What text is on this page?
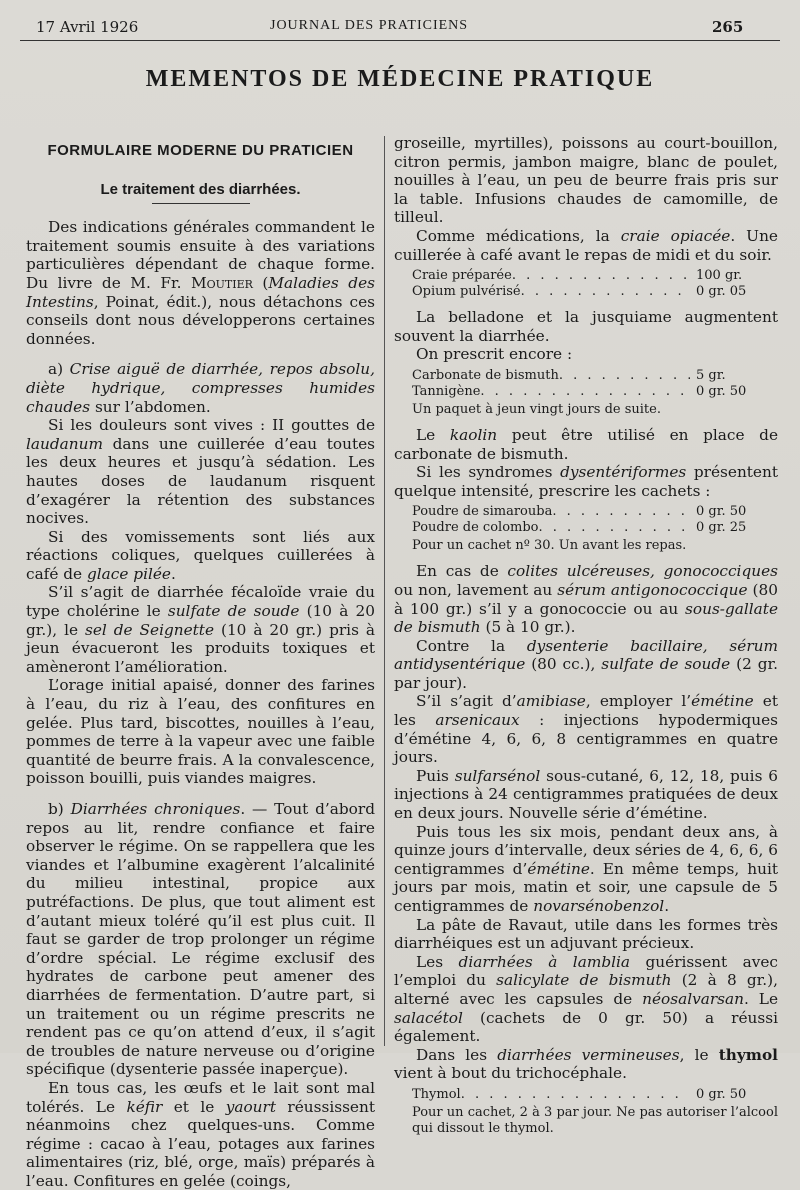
17 Avril 1926	JOURNAL DES PRATICIENS	265
MEMENTOS DE MÉDECINE PRATIQUE
FORMULAIRE MODERNE DU PRATICIEN
Le traitement des diarrhées.

Des indications générales commandent le traitement soumis ensuite à des variations particulières dépendant de chaque forme. Du livre de M. Fr. Moutier (Maladies des Intestins, Poinat, édit.), nous détachons ces conseils dont nous développerons certaines données.

a) Crise aiguë de diarrhée, repos absolu, diète hydrique, compresses humides chaudes sur l’abdomen.

Si les douleurs sont vives : II gouttes de laudanum dans une cuillerée d’eau toutes les deux heures et jusqu’à sédation. Les hautes doses de laudanum risquent d’exagérer la rétention des substances nocives.

Si des vomissements sont liés aux réactions coliques, quelques cuillerées à café de glace pilée.

S’il s’agit de diarrhée fécaloïde vraie du type cholérine le sulfate de soude (10 à 20 gr.), le sel de Seignette (10 à 20 gr.) pris à jeun évacueront les produits toxiques et amèneront l’amélioration.

L’orage initial apaisé, donner des farines à l’eau, du riz à l’eau, des confitures en gelée. Plus tard, biscottes, nouilles à l’eau, pommes de terre à la vapeur avec une faible quantité de beurre frais. A la convalescence, poisson bouilli, puis viandes maigres.

b) Diarrhées chroniques. — Tout d’abord repos au lit, rendre confiance et faire observer le régime. On se rappellera que les viandes et l’albumine exagèrent l’alcalinité du milieu intestinal, propice aux putréfactions. De plus, que tout aliment est d’autant mieux toléré qu’il est plus cuit. Il faut se garder de trop prolonger un régime d’ordre spécial. Le régime exclusif des hydrates de carbone peut amener des diarrhées de fermentation. D’autre part, si un traitement ou un régime prescrits ne rendent pas ce qu’on attend d’eux, il s’agit de troubles de nature nerveuse ou d’origine spécifique (dysenterie passée inaperçue).

En tous cas, les œufs et le lait sont mal tolérés. Le kéfir et le yaourt réussissent néanmoins chez quelques-uns. Comme régime : cacao à l’eau, potages aux farines alimentaires (riz, blé, orge, maïs) préparés à l’eau. Confitures en gelée (coings,

groseille, myrtilles), poissons au court-bouillon, citron permis, jambon maigre, blanc de poulet, nouilles à l’eau, un peu de beurre frais pris sur la table. Infusions chaudes de camomille, de tilleul.

Comme médications, la craie opiacée. Une cuillerée à café avant le repas de midi et du soir.

Craie préparée . . .	100 gr.
Opium pulvérisé . . .	0 gr. 05

La belladone et la jusquiame augmentent souvent la diarrhée.

On prescrit encore :

Carbonate de bismuth . . .	5 gr.
Tannigène . . .	0 gr. 50
Un paquet à jeun vingt jours de suite.

Le kaolin peut être utilisé en place de carbonate de bismuth.

Si les syndromes dysentériformes présentent quelque intensité, prescrire les cachets :

Poudre de simarouba . . .	0 gr. 50
Poudre de colombo . . .	0 gr. 25
Pour un cachet nº 30. Un avant les repas.

En cas de colites ulcéreuses, gonococciques ou non, lavement au sérum antigonococcique (80 à 100 gr.) s’il y a gonococcie ou au sous-gallate de bismuth (5 à 10 gr.).

Contre la dysenterie bacillaire, sérum antidysentérique (80 cc.), sulfate de soude (2 gr. par jour).

S’il s’agit d’amibiase, employer l’émétine et les arsenicaux : injections hypodermiques d’émétine 4, 6, 6, 8 centigrammes en quatre jours.

Puis sulfarsénol sous-cutané, 6, 12, 18, puis 6 injections à 24 centigrammes pratiquées de deux en deux jours. Nouvelle série d’émétine.

Puis tous les six mois, pendant deux ans, à quinze jours d’intervalle, deux séries de 4, 6, 6, 6 centigrammes d’émétine. En même temps, huit jours par mois, matin et soir, une capsule de 5 centigrammes de novarsénobenzol.

La pâte de Ravaut, utile dans les formes très diarrhéiques est un adjuvant précieux.

Les diarrhées à lamblia guérissent avec l’emploi du salicylate de bismuth (2 à 8 gr.), alterné avec les capsules de néosalvarsan. Le salacétol (cachets de 0 gr. 50) a réussi également.

Dans les diarrhées vermineuses, le thymol vient à bout du trichocéphale.

Thymol . . .	0 gr. 50
Pour un cachet, 2 à 3 par jour. Ne pas autoriser l’alcool qui dissout le thymol.
